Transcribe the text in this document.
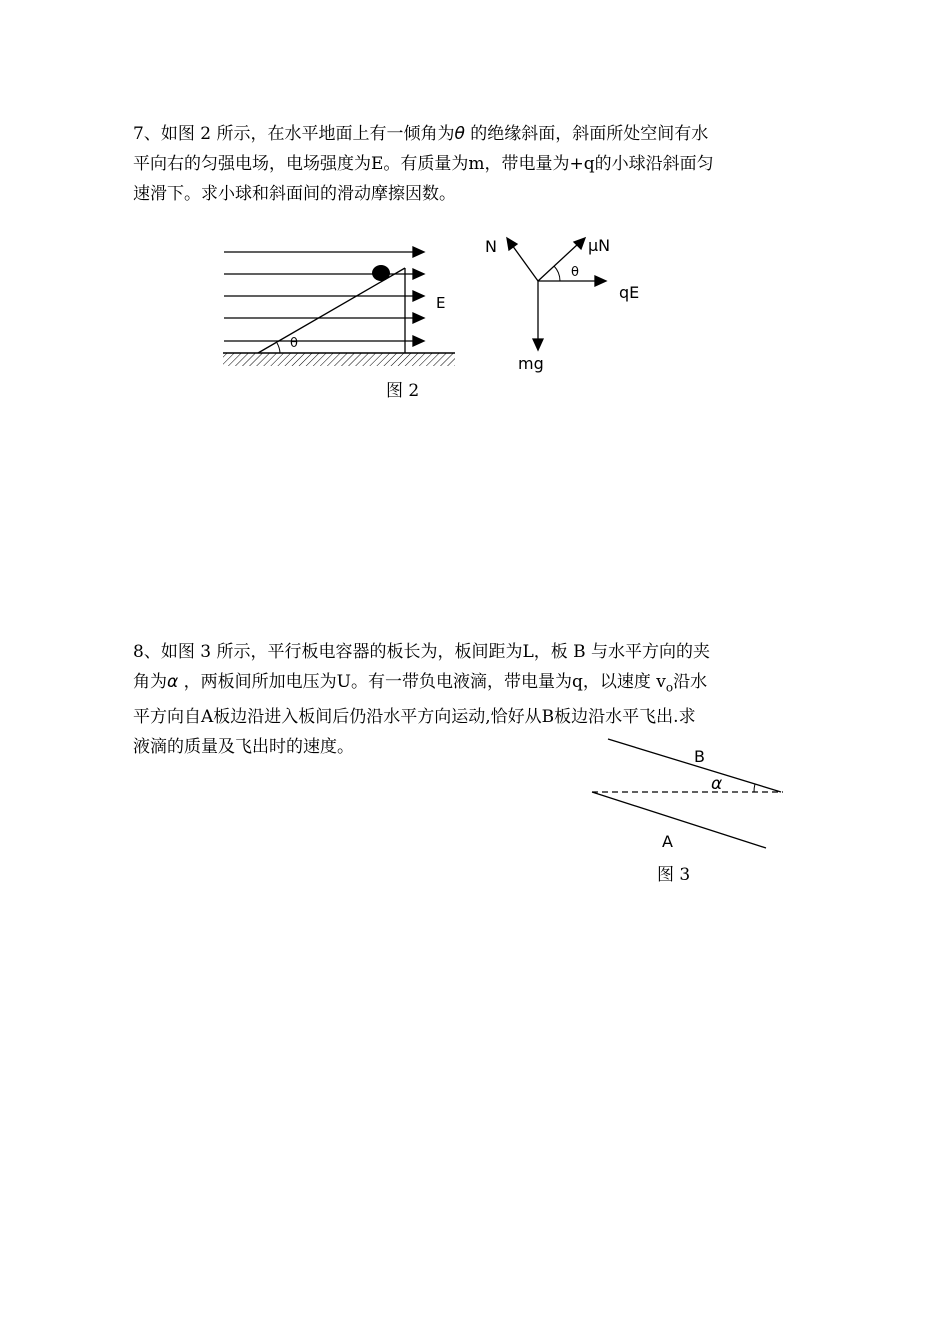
7、如图 2 所示，在水平地面上有一倾角为θ 的绝缘斜面，斜面所处空间有水
平向右的匀强电场，电场强度为E。有质量为m，带电量为+q的小球沿斜面匀
速滑下。求小球和斜面间的滑动摩擦因数。
θ
E
N	μN
θ
qE
mg
图 2
8、如图 3 所示，平行板电容器的板长为，板间距为L，板 B 与水平方向的夹
角为α ，两板间所加电压为U。有一带负电液滴，带电量为q，以速度 $v_o$沿水
平方向自A板边沿进入板间后仍沿水平方向运动,恰好从B板边沿水平飞出.求
液滴的质量及飞出时的速度。	B
α
A
图 3
